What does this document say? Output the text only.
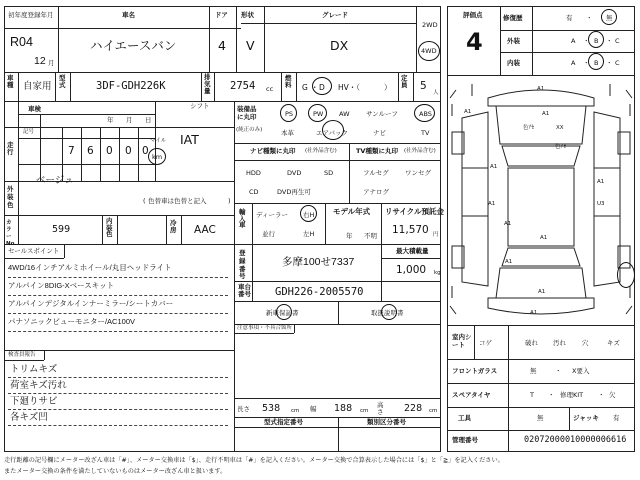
初年度登録年月
R04
12 月
車名
ハイエースバン
ドア
4
形状
V
グレード
DX
2WD
4WD
車種 自家用
型式	3DF-GDH226K
排気量 2754 cc
燃料 G ・ D HV・（	）
定員 5
人
車検
年 月 日
シフト
IAT
走行
記号
7 6 0 0 0
マイル
km
外装色
ベージュ
色替車は色替と記入
(	)
カラーNo.
599
内装色
冷房 AAC
セールスポイント
4WD/16インチアルミホイール/丸目ヘッドライト
アルパイン8DIG-Xベースキット
アルパインデジタルインナーミラー/シートカバー
パナソニックビューモニター/AC100V
検査員報告
トリムキズ
荷室キズ汚れ
下廻りサビ
各キズ凹
装備品に丸印
(純正のみ)
PS	PW AW	サンルーフ	ABS
本革	エアバック	ナビ	TV
ナビ種類に丸印 (社外品含む)
HDD	DVD	SD
CD	DVD再生可
TV種類に丸印 (社外品含む)
フルセグ	ワンセグ
アナログ
輸入車
ディーラー 右H
並行	左H
モデル年式
年 不明
リサイクル預託金
11,570 円
登録番号
多摩100せ7337
最大積載量
1,000 kg
車台番号 GDH226-2005570
新車保証書	取扱説明書
注意事項・不具合箇所
長さ 538 cm 幅 188 cm
高さ 228 cm
型式指定番号	類別区分番号
評価点
4
修復歴	有 ・ 無
外装	A	B	C
・	・
内装	A	B	C
・	・
A1
A1	A1
色ｱｾ	XX
色ｱｾ
A1
A1
A1
U3
A1
A1
A1
A1
A1
室内シート	コゲ	破れ 汚れ 穴	キズ
フロントガラス	無	・ X要入
スペアタイヤ	T ・ 修理KIT ・ 欠
工具	無	ジャッキ 有
管理番号	02072000010000006616
走行距離の記号欄にメーター改ざん車は「#」、メーター交換車は「$」、走行不明車は「#」を記入ください。メーター交換で合算表示した場合には「$」と「≧」を記入ください。
またメーター交換の条件を満たしていないものはメーター改ざん車と扱います。
